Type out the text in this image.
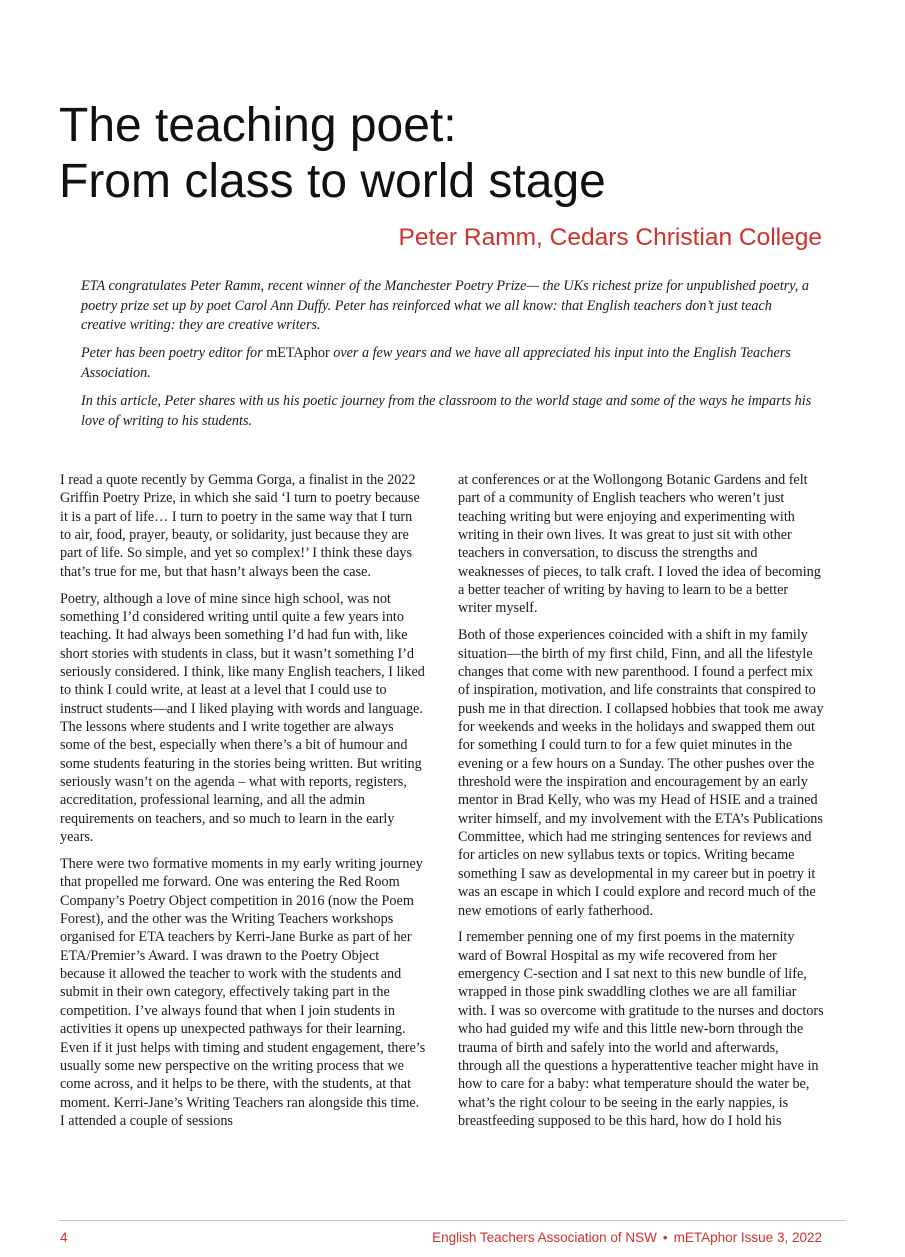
The teaching poet:
From class to world stage
Peter Ramm, Cedars Christian College

ETA congratulates Peter Ramm, recent winner of the Manchester Poetry Prize— the UKs richest prize for unpublished poetry, a poetry prize set up by poet Carol Ann Duffy. Peter has reinforced what we all know: that English teachers don’t just teach creative writing: they are creative writers.

Peter has been poetry editor for mETAphor over a few years and we have all appreciated his input into the English Teachers Association.

In this article, Peter shares with us his poetic journey from the classroom to the world stage and some of the ways he imparts his love of writing to his students.

I read a quote recently by Gemma Gorga, a finalist in the 2022 Griffin Poetry Prize, in which she said ‘I turn to poetry because it is a part of life… I turn to poetry in the same way that I turn to air, food, prayer, beauty, or solidarity, just because they are part of life. So simple, and yet so complex!’ I think these days that’s true for me, but that hasn’t always been the case.

Poetry, although a love of mine since high school, was not something I’d considered writing until quite a few years into teaching. It had always been something I’d had fun with, like short stories with students in class, but it wasn’t something I’d seriously considered. I think, like many English teachers, I liked to think I could write, at least at a level that I could use to instruct students—and I liked playing with words and language. The lessons where students and I write together are always some of the best, especially when there’s a bit of humour and some students featuring in the stories being written. But writing seriously wasn’t on the agenda – what with reports, registers, accreditation, professional learning, and all the admin requirements on teachers, and so much to learn in the early years.

There were two formative moments in my early writing journey that propelled me forward. One was entering the Red Room Company’s Poetry Object competition in 2016 (now the Poem Forest), and the other was the Writing Teachers workshops organised for ETA teachers by Kerri-Jane Burke as part of her ETA/Premier’s Award. I was drawn to the Poetry Object because it allowed the teacher to work with the students and submit in their own category, effectively taking part in the competition. I’ve always found that when I join students in activities it opens up unexpected pathways for their learning. Even if it just helps with timing and student engagement, there’s usually some new perspective on the writing process that we come across, and it helps to be there, with the students, at that moment. Kerri-Jane’s Writing Teachers ran alongside this time. I attended a couple of sessions

at conferences or at the Wollongong Botanic Gardens and felt part of a community of English teachers who weren’t just teaching writing but were enjoying and experimenting with writing in their own lives. It was great to just sit with other teachers in conversation, to discuss the strengths and weaknesses of pieces, to talk craft. I loved the idea of becoming a better teacher of writing by having to learn to be a better writer myself.

Both of those experiences coincided with a shift in my family situation—the birth of my first child, Finn, and all the lifestyle changes that come with new parenthood. I found a perfect mix of inspiration, motivation, and life constraints that conspired to push me in that direction. I collapsed hobbies that took me away for weekends and weeks in the holidays and swapped them out for something I could turn to for a few quiet minutes in the evening or a few hours on a Sunday. The other pushes over the threshold were the inspiration and encouragement by an early mentor in Brad Kelly, who was my Head of HSIE and a trained writer himself, and my involvement with the ETA’s Publications Committee, which had me stringing sentences for reviews and for articles on new syllabus texts or topics. Writing became something I saw as developmental in my career but in poetry it was an escape in which I could explore and record much of the new emotions of early fatherhood.

I remember penning one of my first poems in the maternity ward of Bowral Hospital as my wife recovered from her emergency C-section and I sat next to this new bundle of life, wrapped in those pink swaddling clothes we are all familiar with. I was so overcome with gratitude to the nurses and doctors who had guided my wife and this little new-born through the trauma of birth and safely into the world and afterwards, through all the questions a hyperattentive teacher might have in how to care for a baby: what temperature should the water be, what’s the right colour to be seeing in the early nappies, is breastfeeding supposed to be this hard, how do I hold his

4	English Teachers Association of NSW • mETAphor Issue 3, 2022
